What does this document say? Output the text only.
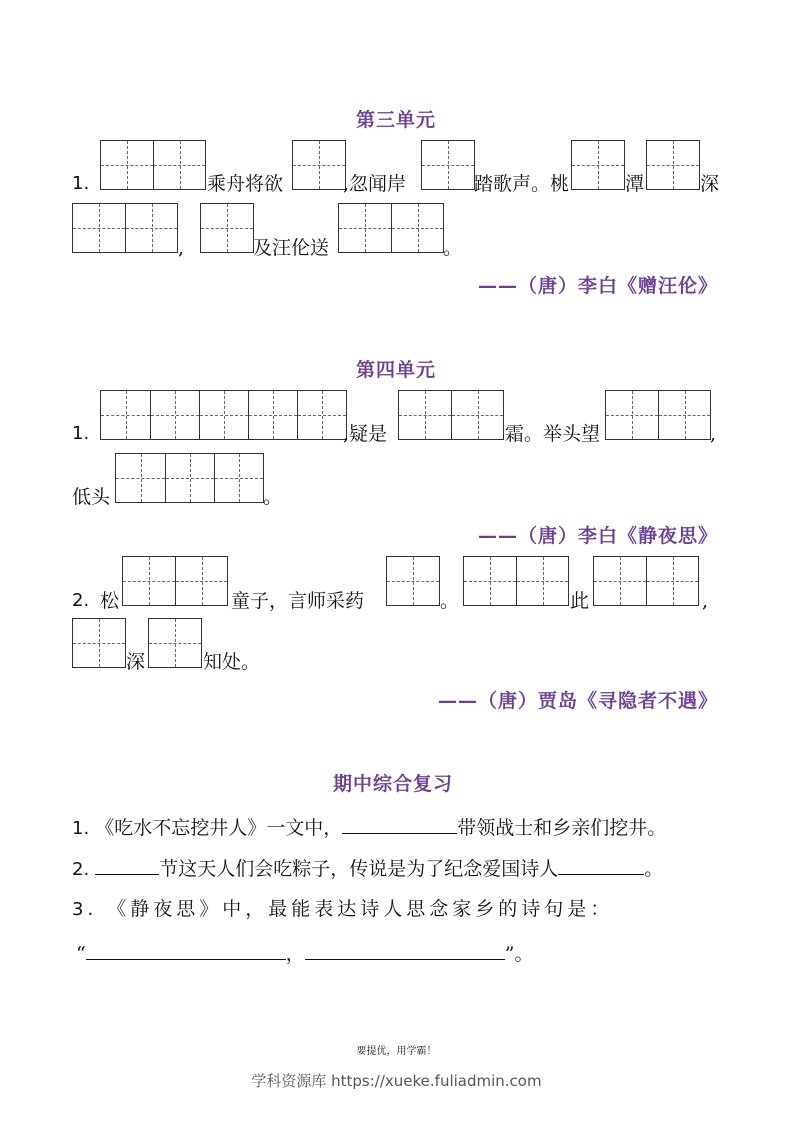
第三单元
1.	乘舟将欲	,忽闻岸	踏歌声。桃	潭	深
,	及汪伦送	。
——（唐）李白《赠汪伦》
第四单元
1.	,疑是	霜。举头望	,
低头	。
——（唐）李白《静夜思》
2. 松	童子，言师采药	。	此	,
深	知处。
——（唐）贾岛《寻隐者不遇》
期中综合复习
1. 《吃水不忘挖井人》一文中，	带领战士和乡亲们挖井。
2.	节这天人们会吃粽子，传说是为了纪念爱国诗人	。
3. 《静夜思》中，最能表达诗人思念家乡的诗句是：
“	，	”。
要提优，用学霸！
学科资源库 https://xueke.fuliadmin.com
